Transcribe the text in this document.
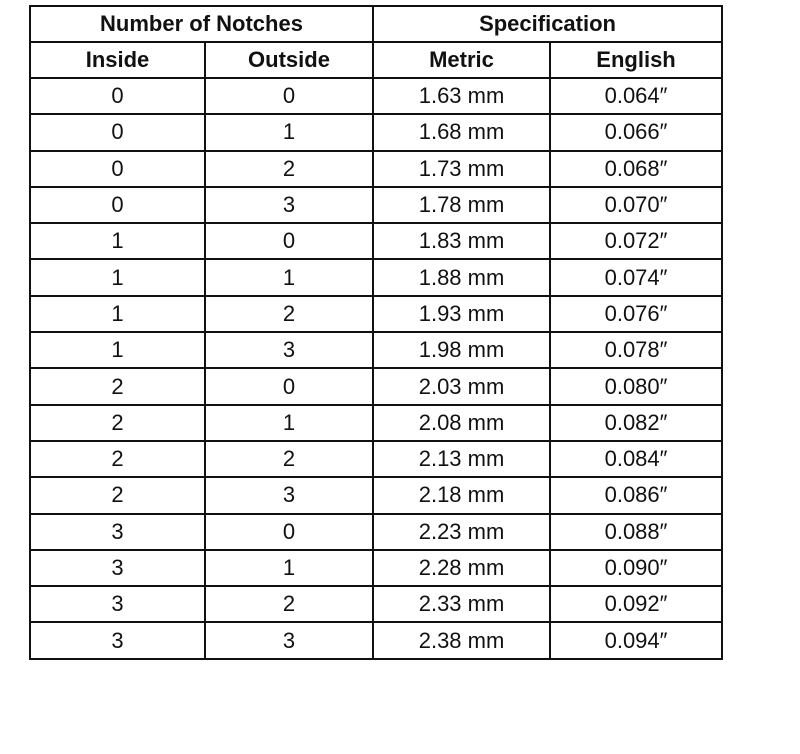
Number of Notches		Specification	
Inside	Outside	Metric	English
0	0	1.63 mm	0.064″
0	1	1.68 mm	0.066″
0	2	1.73 mm	0.068″
0	3	1.78 mm	0.070″
1	0	1.83 mm	0.072″
1	1	1.88 mm	0.074″
1	2	1.93 mm	0.076″
1	3	1.98 mm	0.078″
2	0	2.03 mm	0.080″
2	1	2.08 mm	0.082″
2	2	2.13 mm	0.084″
2	3	2.18 mm	0.086″
3	0	2.23 mm	0.088″
3	1	2.28 mm	0.090″
3	2	2.33 mm	0.092″
3	3	2.38 mm	0.094″
